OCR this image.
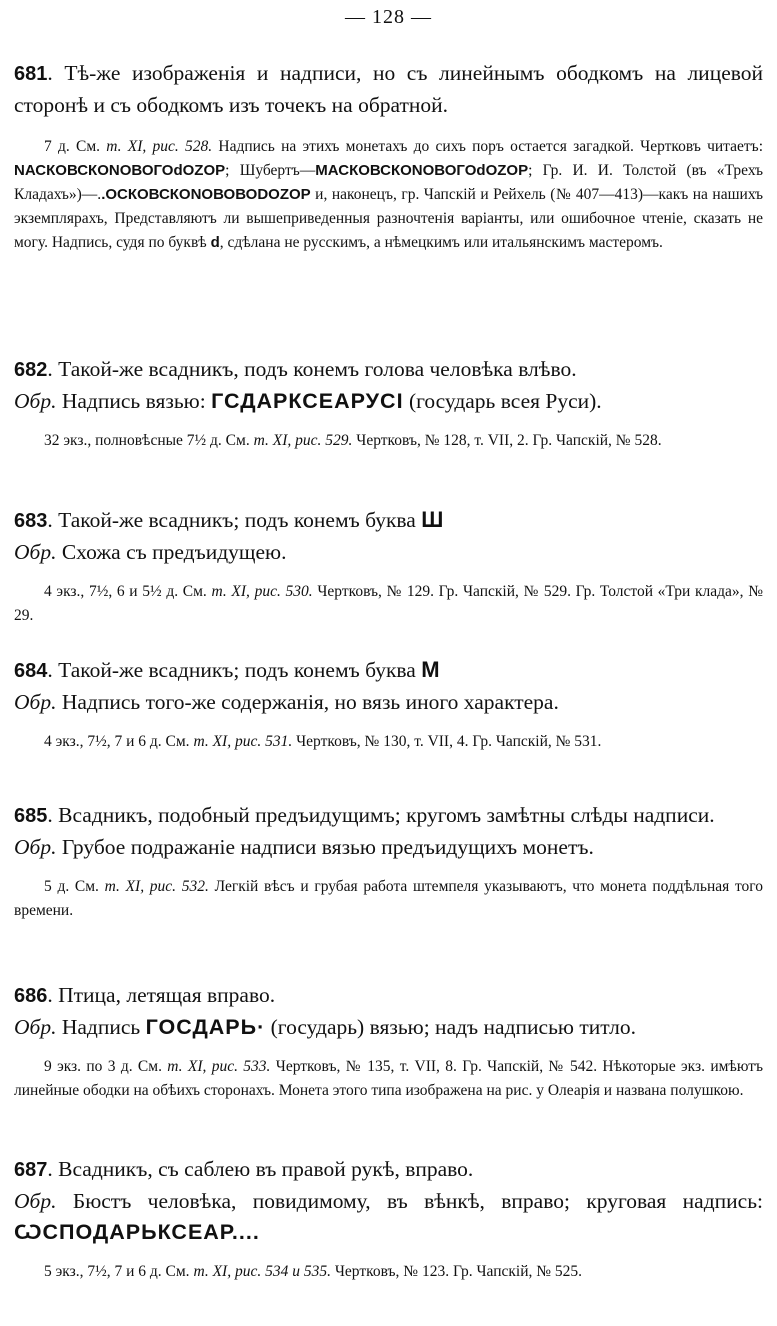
— 128 —

681. Тѣ-же изображенія и надписи, но съ линейнымъ ободкомъ на лицевой сторонѣ и съ ободкомъ изъ точекъ на обратной.

7 д. См. т. XI, рис. 528. Надпись на этихъ монетахъ до сихъ поръ остается загадкой. Чертковъ читаетъ: NАСКОВСКОNОВОГОdОZОР; Шубертъ—МАСКОВСКОNОВОГОdОZОР; Гр. И. И. Толстой (въ «Трехъ Кладахъ»)—..ОСКОВСКОNОВОВОDОZОР и, наконецъ, гр. Чапскій и Рейхель (№ 407—413)—какъ на нашихъ экземплярахъ, Представляютъ ли вышеприведенныя разночтенія варіанты, или ошибочное чтеніе, сказать не могу. Надпись, судя по буквѣ d, сдѣлана не русскимъ, а нѣмецкимъ или итальянскимъ мастеромъ.

682. Такой-же всадникъ, подъ конемъ голова человѣка влѣво.
Обр. Надпись вязью: ГСДАРКСЕАРУСІ (государь всея Руси).

32 экз., полновѣсные 7½ д. См. т. XI, рис. 529. Чертковъ, № 128, т. VII, 2. Гр. Чапскій, № 528.

683. Такой-же всадникъ; подъ конемъ буква Ш
Обр. Схожа съ предъидущею.

4 экз., 7½, 6 и 5½ д. См. т. XI, рис. 530. Чертковъ, № 129. Гр. Чапскій, № 529. Гр. Толстой «Три клада», № 29.

684. Такой-же всадникъ; подъ конемъ буква М
Обр. Надпись того-же содержанія, но вязь иного характера.

4 экз., 7½, 7 и 6 д. См. т. XI, рис. 531. Чертковъ, № 130, т. VII, 4. Гр. Чапскій, № 531.

685. Всадникъ, подобный предъидущимъ; кругомъ замѣтны слѣды надписи.
Обр. Грубое подражаніе надписи вязью предъидущихъ монетъ.

5 д. См. т. XI, рис. 532. Легкій вѣсъ и грубая работа штемпеля указываютъ, что монета поддѣльная того времени.

686. Птица, летящая вправо.
Обр. Надпись ГОСДАРЬ· (государь) вязью; надъ надписью титло.

9 экз. по 3 д. См. т. XI, рис. 533. Чертковъ, № 135, т. VII, 8. Гр. Чапскій, № 542. Нѣкоторые экз. имѣютъ линейные ободки на обѣихъ сторонахъ. Монета этого типа изображена на рис. у Олеарія и названа полушкою.

687. Всадникъ, съ саблею въ правой рукѣ, вправо.
Обр. Бюстъ человѣка, повидимому, въ вѣнкѣ, вправо; круговая надпись: ѠСПОДАРЬКСЕАР....

5 экз., 7½, 7 и 6 д. См. т. XI, рис. 534 и 535. Чертковъ, № 123. Гр. Чапскій, № 525.
